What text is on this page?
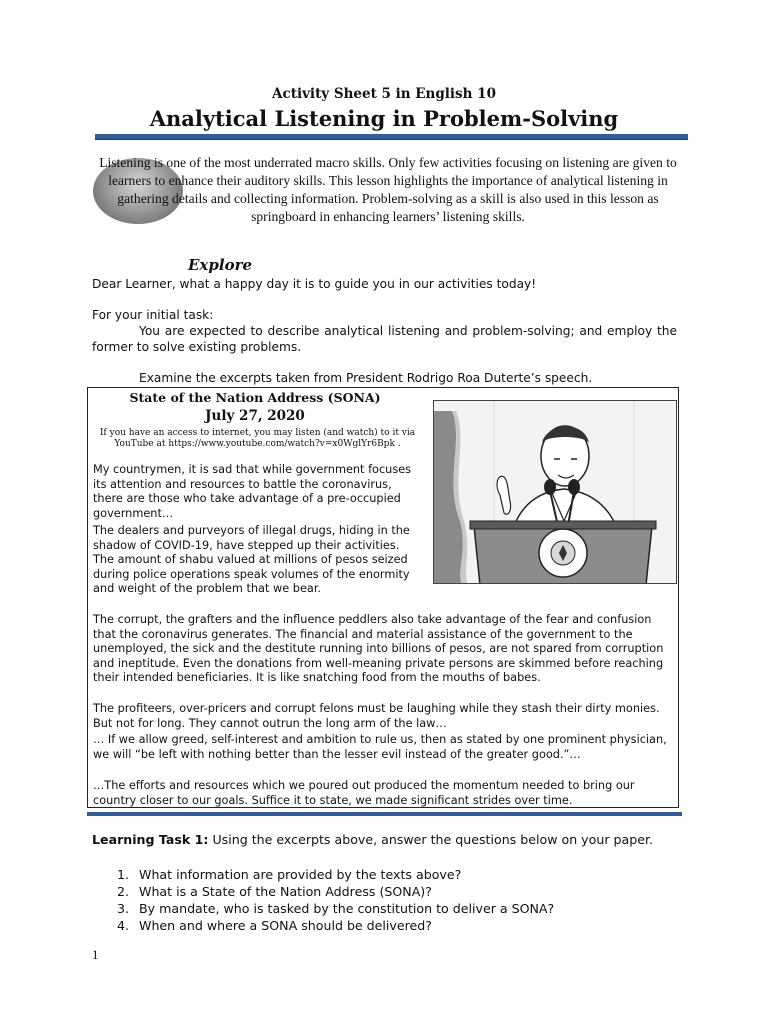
Activity Sheet 5 in English 10
Analytical Listening in Problem-Solving
Listening is one of the most underrated macro skills. Only few activities focusing on listening are given to learners to enhance their auditory skills. This lesson highlights the importance of analytical listening in gathering details and collecting information. Problem-solving as a skill is also used in this lesson as springboard in enhancing learners’ listening skills.
Explore
Dear Learner, what a happy day it is to guide you in our activities today!
For your initial task:
You are expected to describe analytical listening and problem-solving; and employ the former to solve existing problems.
Examine the excerpts taken from President Rodrigo Roa Duterte’s speech.
State of the Nation Address (SONA)
July 27, 2020
If you have an access to internet, you may listen (and watch) to it via YouTube at https://www.youtube.com/watch?v=x0WglYr6Bpk .
My countrymen, it is sad that while government focuses its attention and resources to battle the coronavirus, there are those who take advantage of a pre-occupied government…
The dealers and purveyors of illegal drugs, hiding in the shadow of COVID-19, have stepped up their activities. The amount of shabu valued at millions of pesos seized during police operations speak volumes of the enormity and weight of the problem that we bear.
The corrupt, the grafters and the influence peddlers also take advantage of the fear and confusion that the coronavirus generates. The financial and material assistance of the government to the unemployed, the sick and the destitute running into billions of pesos, are not spared from corruption and ineptitude. Even the donations from well-meaning private persons are skimmed before reaching their intended beneficiaries. It is like snatching food from the mouths of babes.
The profiteers, over-pricers and corrupt felons must be laughing while they stash their dirty monies. But not for long. They cannot outrun the long arm of the law…
… If we allow greed, self-interest and ambition to rule us, then as stated by one prominent physician, we will “be left with nothing better than the lesser evil instead of the greater good.”…
…The efforts and resources which we poured out produced the momentum needed to bring our country closer to our goals. Suffice it to state, we made significant strides over time.
Learning Task 1: Using the excerpts above, answer the questions below on your paper.
1. What information are provided by the texts above?
2. What is a State of the Nation Address (SONA)?
3. By mandate, who is tasked by the constitution to deliver a SONA?
4. When and where a SONA should be delivered?
1
